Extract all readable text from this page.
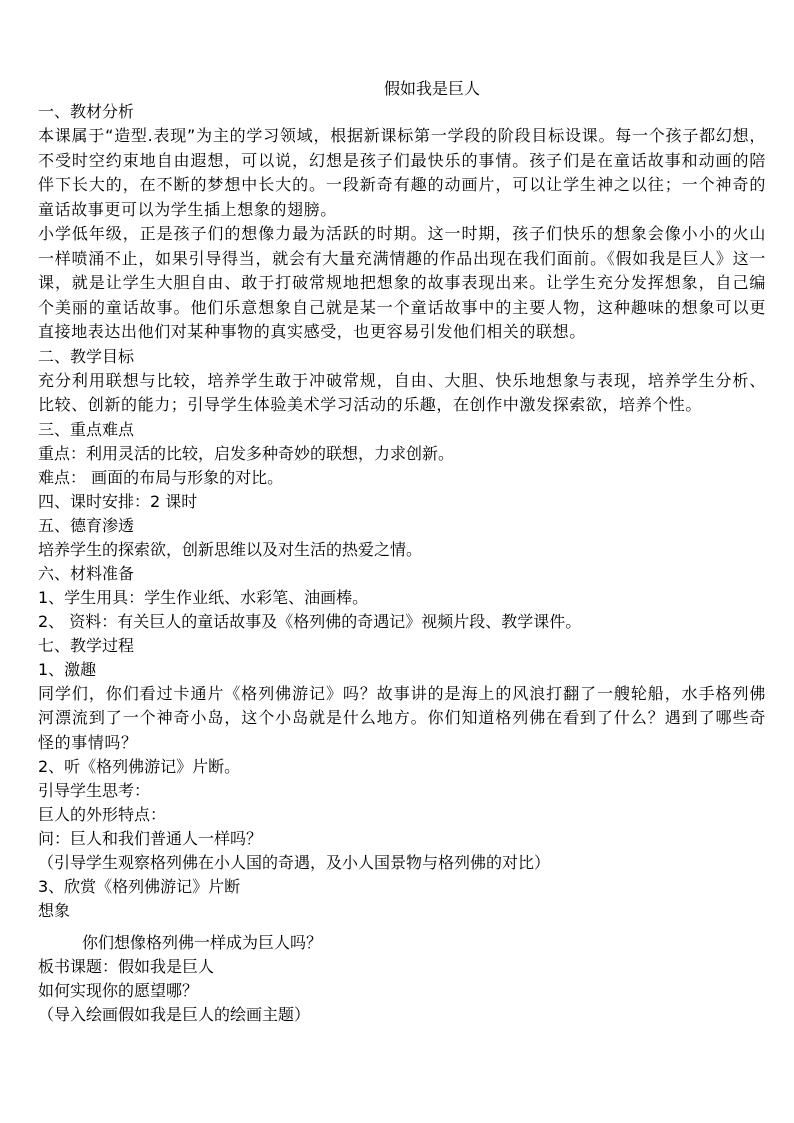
假如我是巨人

一、教材分析

本课属于“造型.表现”为主的学习领域，根据新课标第一学段的阶段目标设课。每一个孩子都幻想，不受时空约束地自由遐想，可以说，幻想是孩子们最快乐的事情。孩子们是在童话故事和动画的陪伴下长大的，在不断的梦想中长大的。一段新奇有趣的动画片，可以让学生神之以往；一个神奇的童话故事更可以为学生插上想象的翅膀。

小学低年级，正是孩子们的想像力最为活跃的时期。这一时期，孩子们快乐的想象会像小小的火山一样喷涌不止，如果引导得当，就会有大量充满情趣的作品出现在我们面前。《假如我是巨人》这一课，就是让学生大胆自由、敢于打破常规地把想象的故事表现出来。让学生充分发挥想象，自己编个美丽的童话故事。他们乐意想象自己就是某一个童话故事中的主要人物，这种趣味的想象可以更直接地表达出他们对某种事物的真实感受，也更容易引发他们相关的联想。

二、教学目标

充分利用联想与比较，培养学生敢于冲破常规，自由、大胆、快乐地想象与表现，培养学生分析、比较、创新的能力；引导学生体验美术学习活动的乐趣，在创作中激发探索欲，培养个性。

三、重点难点

重点：利用灵活的比较，启发多种奇妙的联想，力求创新。

难点： 画面的布局与形象的对比。

四、课时安排：2 课时

五、德育渗透

培养学生的探索欲，创新思维以及对生活的热爱之情。

六、材料准备

1、学生用具：学生作业纸、水彩笔、油画棒。

2、 资料：有关巨人的童话故事及《格列佛的奇遇记》视频片段、教学课件。

七、教学过程

1、激趣

同学们，你们看过卡通片《格列佛游记》吗？故事讲的是海上的风浪打翻了一艘轮船，水手格列佛河漂流到了一个神奇小岛，这个小岛就是什么地方。你们知道格列佛在看到了什么？遇到了哪些奇怪的事情吗？

2、听《格列佛游记》片断。

引导学生思考：

巨人的外形特点：

问：巨人和我们普通人一样吗？

（引导学生观察格列佛在小人国的奇遇，及小人国景物与格列佛的对比）

3、欣赏《格列佛游记》片断

想象

你们想像格列佛一样成为巨人吗？

板书课题：假如我是巨人

如何实现你的愿望哪？

（导入绘画假如我是巨人的绘画主题）
